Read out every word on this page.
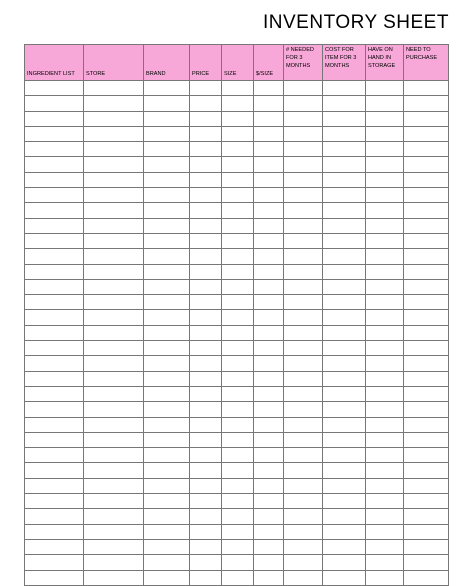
INVENTORY SHEET
INGREDIENT LIST	STORE	BRAND	PRICE	SIZE	$/SIZE	# NEEDED FOR 3 MONTHS	COST FOR ITEM FOR 3 MONTHS	HAVE ON HAND IN STORAGE	NEED TO PURCHASE
